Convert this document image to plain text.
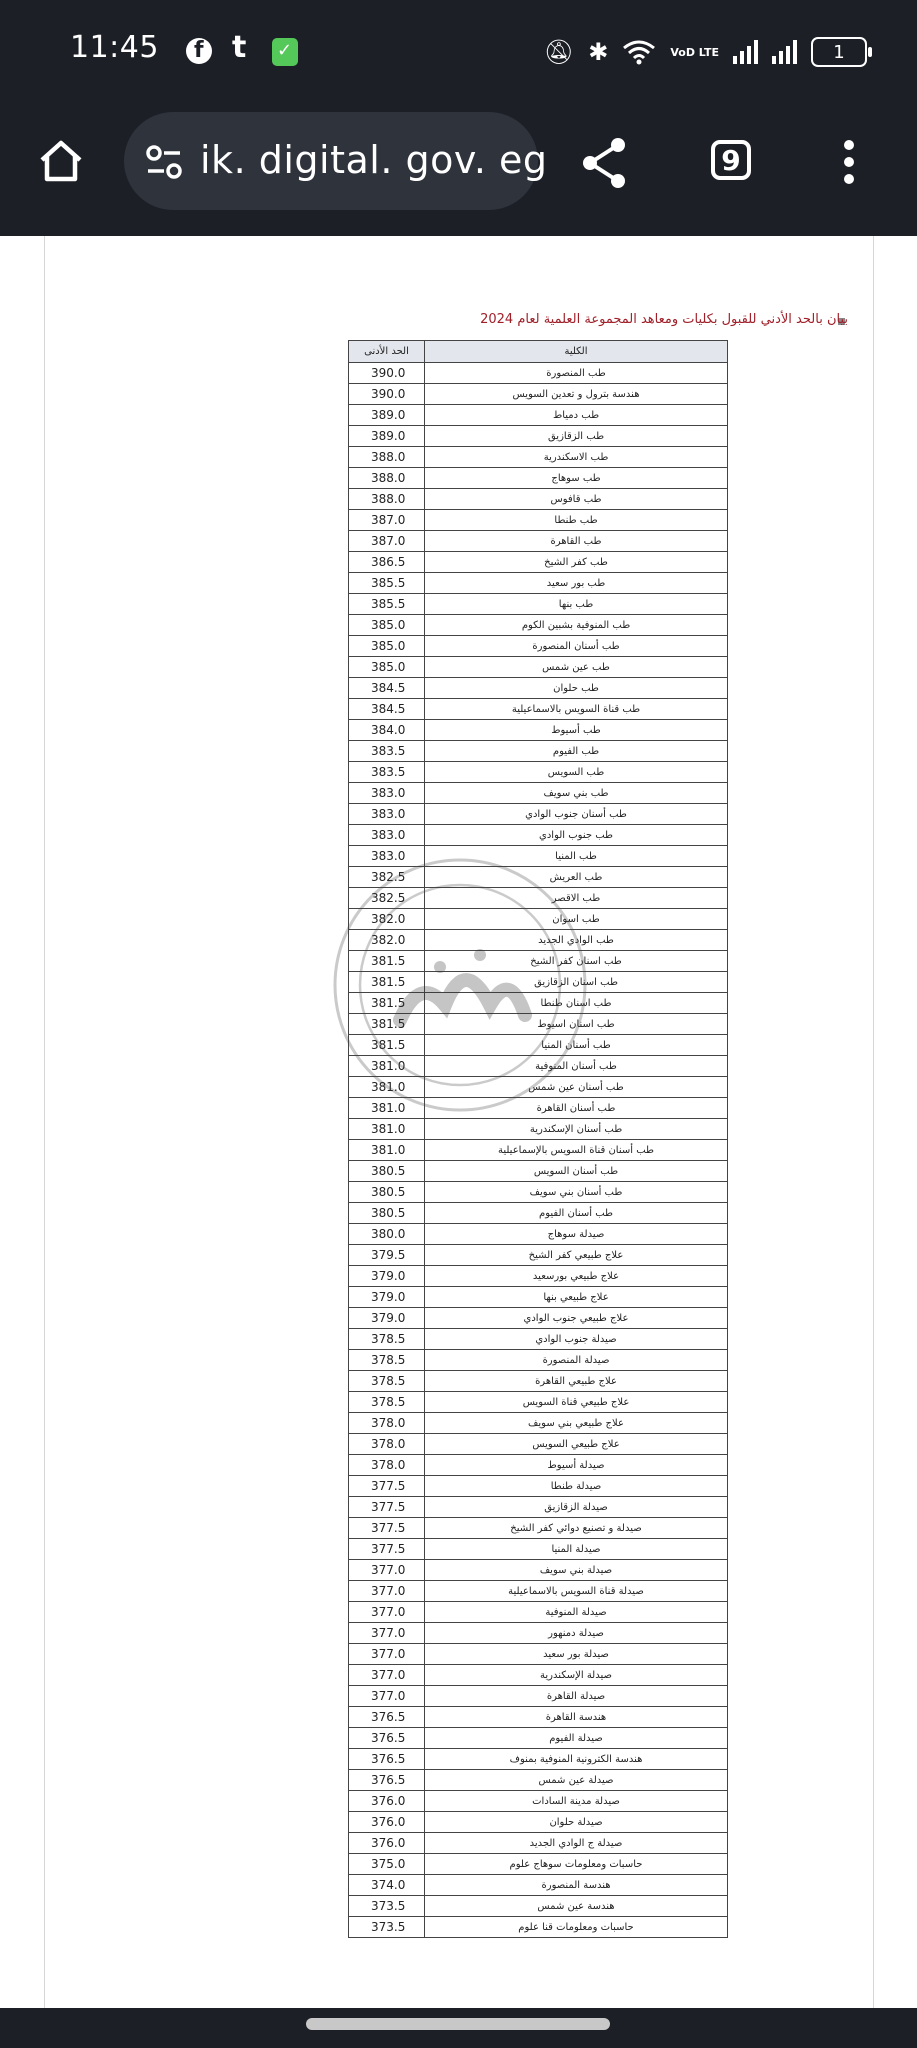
11:45 f t ✓	🔕︎ ✱	VoD LTE	1
ik. digital. gov. eg	9
بيان بالحد الأدني للقبول بكليات ومعاهد المجموعة العلمية لعام 2024
الحد الأدنى	الكلية
390.0	طب المنصورة
390.0	هندسة بترول و تعدين السويس
389.0	طب دمياط
389.0	طب الزقازيق
388.0	طب الاسكندرية
388.0	طب سوهاج
388.0	طب قافوس
387.0	طب طنطا
387.0	طب القاهرة
386.5	طب كفر الشيخ
385.5	طب بور سعيد
385.5	طب بنها
385.0	طب المنوفية بشبين الكوم
385.0	طب أسنان المنصورة
385.0	طب عين شمس
384.5	طب حلوان
384.5	طب قناة السويس بالاسماعيلية
384.0	طب أسيوط
383.5	طب الفيوم
383.5	طب السويس
383.0	طب بني سويف
383.0	طب أسنان جنوب الوادي
383.0	طب جنوب الوادي
383.0	طب المنيا
382.5	طب العريش
382.5	طب الاقصر
382.0	طب اسوان
382.0	طب الوادي الجديد
381.5	طب اسنان كفر الشيخ
381.5	طب اسنان الزقازيق
381.5	طب اسنان طنطا
381.5	طب اسنان اسيوط
381.5	طب أسنان المنيا
381.0	طب أسنان المنوفية
381.0	طب أسنان عين شمس
381.0	طب أسنان القاهرة
381.0	طب أسنان الإسكندرية
381.0	طب أسنان قناة السويس بالإسماعيلية
380.5	طب أسنان السويس
380.5	طب أسنان بني سويف
380.5	طب أسنان الفيوم
380.0	صيدلة سوهاج
379.5	علاج طبيعي كفر الشيخ
379.0	علاج طبيعي بورسعيد
379.0	علاج طبيعي بنها
379.0	علاج طبيعي جنوب الوادي
378.5	صيدلة جنوب الوادي
378.5	صيدلة المنصورة
378.5	علاج طبيعي القاهرة
378.5	علاج طبيعي قناة السويس
378.0	علاج طبيعي بني سويف
378.0	علاج طبيعي السويس
378.0	صيدلة أسيوط
377.5	صيدلة طنطا
377.5	صيدلة الزقازيق
377.5	صيدلة و تصنيع دوائي كفر الشيخ
377.5	صيدلة المنيا
377.0	صيدلة بني سويف
377.0	صيدلة قناة السويس بالاسماعيلية
377.0	صيدلة المنوفية
377.0	صيدلة دمنهور
377.0	صيدلة بور سعيد
377.0	صيدلة الإسكندرية
377.0	صيدلة القاهرة
376.5	هندسة القاهرة
376.5	صيدلة الفيوم
376.5	هندسة الكترونية المنوفية بمنوف
376.5	صيدلة عين شمس
376.0	صيدلة مدينة السادات
376.0	صيدلة حلوان
376.0	صيدلة ج الوادي الجديد
375.0	حاسبات ومعلومات سوهاج علوم
374.0	هندسة المنصورة
373.5	هندسة عين شمس
373.5	حاسبات ومعلومات قنا علوم
